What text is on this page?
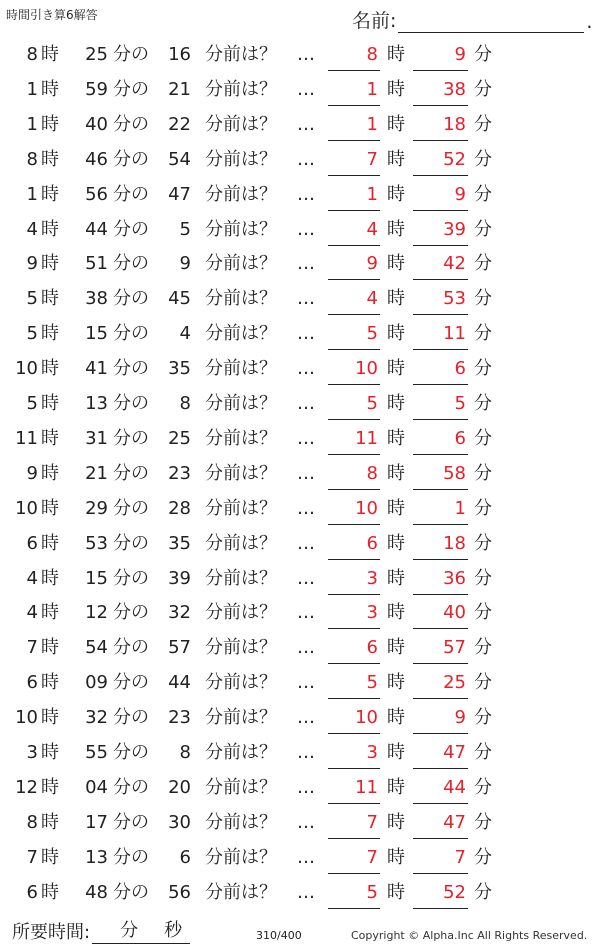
時間引き算6解答	名前:	.
8 時	25 分の	16 分前は？ …	8 時	9 分
1 時	59 分の	21 分前は？ …	1 時	38 分
1 時	40 分の	22 分前は？ …	1 時	18 分
8 時	46 分の	54 分前は？ …	7 時	52 分
1 時	56 分の	47 分前は？ …	1 時	9 分
4 時	44 分の	5 分前は？ …	4 時	39 分
9 時	51 分の	9 分前は？ …	9 時	42 分
5 時	38 分の	45 分前は？ …	4 時	53 分
5 時	15 分の	4 分前は？ …	5 時	11 分
10 時	41 分の	35 分前は？ …	10 時	6 分
5 時	13 分の	8 分前は？ …	5 時	5 分
11 時	31 分の	25 分前は？ …	11 時	6 分
9 時	21 分の	23 分前は？ …	8 時	58 分
10 時	29 分の	28 分前は？ …	10 時	1 分
6 時	53 分の	35 分前は？ …	6 時	18 分
4 時	15 分の	39 分前は？ …	3 時	36 分
4 時	12 分の	32 分前は？ …	3 時	40 分
7 時	54 分の	57 分前は？ …	6 時	57 分
6 時	09 分の	44 分前は？ …	5 時	25 分
10 時	32 分の	23 分前は？ …	10 時	9 分
3 時	55 分の	8 分前は？ …	3 時	47 分
12 時	04 分の	20 分前は？ …	11 時	44 分
8 時	17 分の	30 分前は？ …	7 時	47 分
7 時	13 分の	6 分前は？ …	7 時	7 分
6 時	48 分の	56 分前は？ …	5 時	52 分
所要時間: 分 秒	310/400	Copyright © Alpha.Inc All Rights Reserved.
